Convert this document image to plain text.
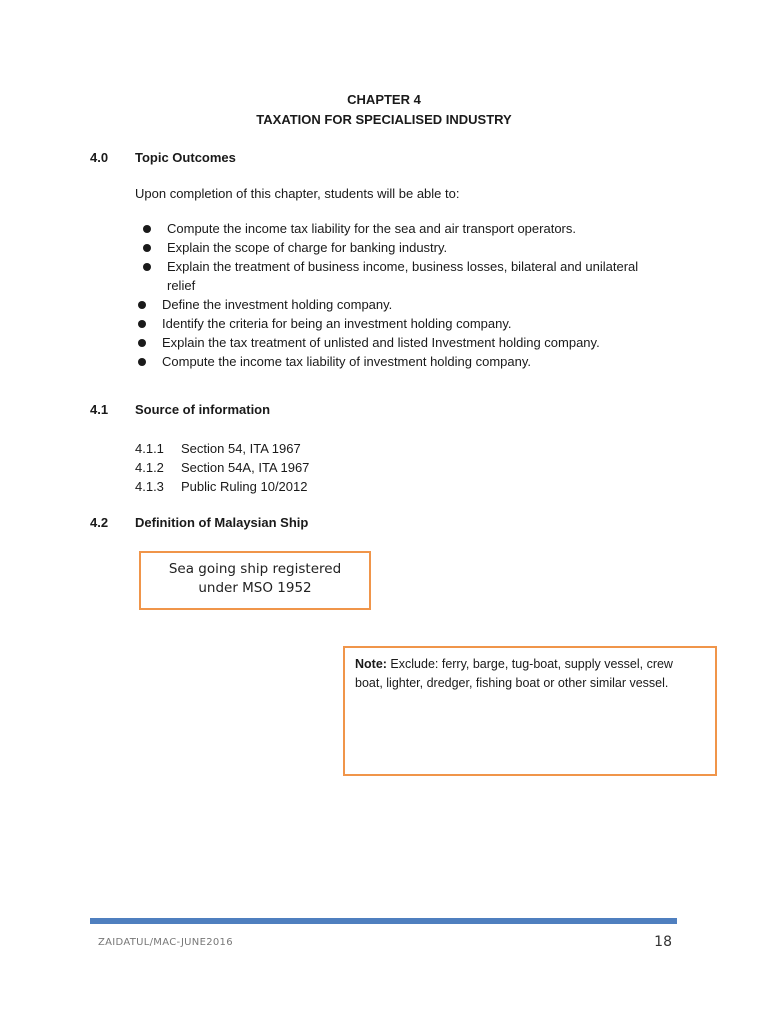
CHAPTER 4
TAXATION FOR SPECIALISED INDUSTRY
4.0 Topic Outcomes
Upon completion of this chapter, students will be able to:
Compute the income tax liability for the sea and air transport operators.
Explain the scope of charge for banking industry.
Explain the treatment of business income, business losses, bilateral and unilateral
relief
Define the investment holding company.
Identify the criteria for being an investment holding company.
Explain the tax treatment of unlisted and listed Investment holding company.
Compute the income tax liability of investment holding company.
4.1 Source of information
4.1.1 Section 54, ITA 1967
4.1.2 Section 54A, ITA 1967
4.1.3 Public Ruling 10/2012
4.2 Definition of Malaysian Ship
Sea going ship registered
under MSO 1952
Note: Exclude: ferry, barge, tug-boat, supply vessel, crew
boat, lighter, dredger, fishing boat or other similar vessel.
ZAIDATUL/MAC-JUNE2016	18
